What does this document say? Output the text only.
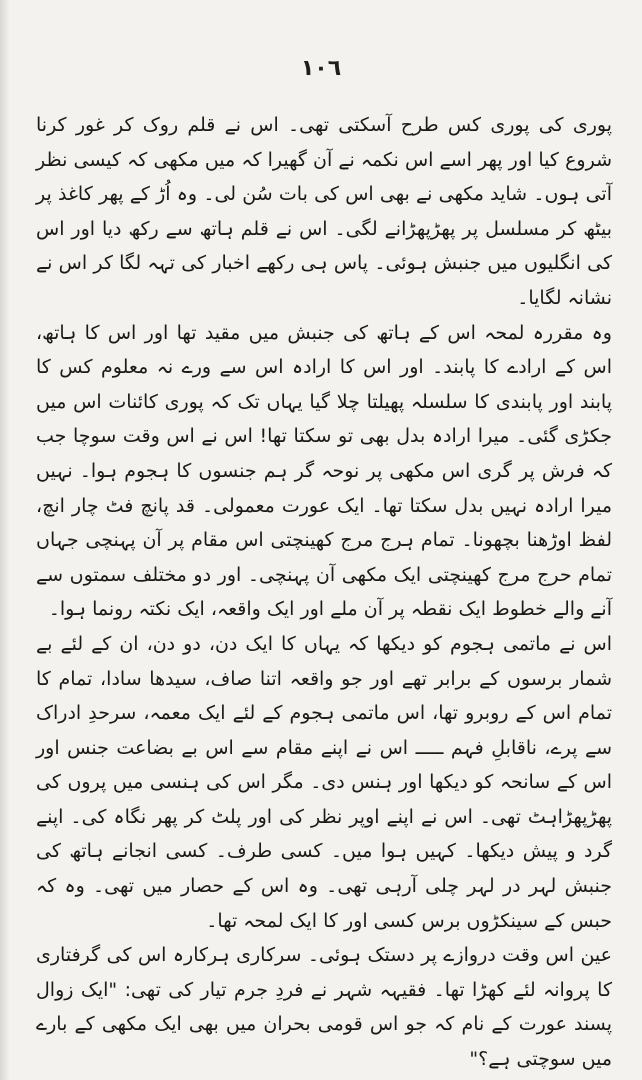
١٠٦

پوری کی پوری کس طرح آسکتی تھی۔ اس نے قلم روک کر غور کرنا شروع کیا اور پھر اسے اس نکمہ نے آن گھیرا کہ میں مکھی کہ کیسی نظر آتی ہوں۔ شاید مکھی نے بھی اس کی بات سُن لی۔ وہ اُڑ کے پھر کاغذ پر بیٹھ کر مسلسل پر پھڑپھڑانے لگی۔ اس نے قلم ہاتھ سے رکھ دیا اور اس کی انگلیوں میں جنبش ہوئی۔ پاس ہی رکھے اخبار کی تہہ لگا کر اس نے نشانہ لگایا۔

وہ مقررہ لمحہ اس کے ہاتھ کی جنبش میں مقید تھا اور اس کا ہاتھ، اس کے ارادے کا پابند۔ اور اس کا ارادہ اس سے ورے نہ معلوم کس کا پابند اور پابندی کا سلسلہ پھیلتا چلا گیا یہاں تک کہ پوری کائنات اس میں جکڑی گئی۔ میرا ارادہ بدل بھی تو سکتا تھا! اس نے اس وقت سوچا جب کہ فرش پر گری اس مکھی پر نوحہ گر ہم جنسوں کا ہجوم ہوا۔ نہیں میرا ارادہ نہیں بدل سکتا تھا۔ ایک عورت معمولی۔ قد پانچ فٹ چار انچ، لفظ اوڑھنا بچھونا۔ تمام ہرج مرج کھینچتی اس مقام پر آن پہنچی جہاں تمام حرج مرج کھینچتی ایک مکھی آن پہنچی۔ اور دو مختلف سمتوں سے آنے والے خطوط ایک نقطہ پر آن ملے اور ایک واقعہ، ایک نکتہ رونما ہوا۔

اس نے ماتمی ہجوم کو دیکھا کہ یہاں کا ایک دن، دو دن، ان کے لئے بے شمار برسوں کے برابر تھے اور جو واقعہ اتنا صاف، سیدھا سادا، تمام کا تمام اس کے روبرو تھا، اس ماتمی ہجوم کے لئے ایک معمہ، سرحدِ ادراک سے پرے، ناقابلِ فہم ـــــ اس نے اپنے مقام سے اس بے بضاعت جنس اور اس کے سانحہ کو دیکھا اور ہنس دی۔ مگر اس کی ہنسی میں پروں کی پھڑپھڑاہٹ تھی۔ اس نے اپنے اوپر نظر کی اور پلٹ کر پھر نگاہ کی۔ اپنے گرد و پیش دیکھا۔ کہیں ہوا میں۔ کسی طرف۔ کسی انجانے ہاتھ کی جنبش لہر در لہر چلی آرہی تھی۔ وہ اس کے حصار میں تھی۔ وہ کہ حبس کے سینکڑوں برس کسی اور کا ایک لمحہ تھا۔

عین اس وقت دروازے پر دستک ہوئی۔ سرکاری ہرکارہ اس کی گرفتاری کا پروانہ لئے کھڑا تھا۔ فقیہہ شہر نے فردِ جرم تیار کی تھی: "ایک زوال پسند عورت کے نام کہ جو اس قومی بحران میں بھی ایک مکھی کے بارے میں سوچتی ہے؟"
